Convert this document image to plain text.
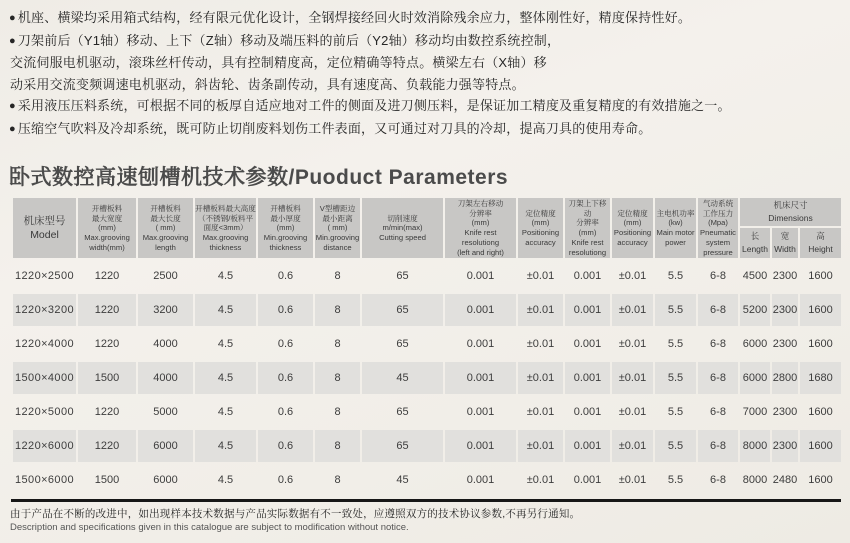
● 机座、横梁均采用箱式结构，经有限元优化设计，全钢焊接经回火时效消除残余应力，整体刚性好，精度保持性好。
● 刀架前后（Y1轴）移动、上下（Z轴）移动及端压料的前后（Y2轴）移动均由数控系统控制，
交流伺服电机驱动，滚珠丝杆传动，具有控制精度高，定位精确等特点。横梁左右（X轴）移
动采用交流变频调速电机驱动，斜齿轮、齿条副传动，具有速度高、负载能力强等特点。
● 采用液压压料系统，可根据不同的板厚自适应地对工件的侧面及进刀侧压料，是保证加工精度及重复精度的有效措施之一。
● 压缩空气吹料及冷却系统，既可防止切削废料划伤工件表面，又可通过对刀具的冷却，提高刀具的使用寿命。
卧式数控高速刨槽机技术参数/Puoduct Parameters
机床型号
Model	开槽板料
最大宽度
(mm)
Max.grooving
width(mm)	开槽板料
最大长度
( mm)
Max.grooving
length	开槽板料最大高度
（不锈钢/板料平
面度<3mm）
Max.grooving
thickness	开槽板料
最小厚度
(mm)
Min.grooving
thickness	V型槽距边
最小距离
( mm)
Min.grooving
distance	切削速度
m/min(max)
Cutting speed	刀架左右移动
分辨率
(mm)
Knife rest
resolutiong
(left and right)	定位精度
(mm)
Positioning
accuracy	刀架上下移动
分辨率
(mm)
Knife rest
resolutiong	定位精度
(mm)
Positioning
accuracy	主电机功率
(kw)
Main motor
power	气动系统
工作压力
(Mpa)
Pneumatic
system
pressure	机床尺寸
Dimensions
													长
Length	宽
Width	高
Height
1220×2500	1220	2500	4.5	0.6	8	65	0.001	±0.01	0.001	±0.01	5.5	6-8	4500	2300	1600
1220×3200	1220	3200	4.5	0.6	8	65	0.001	±0.01	0.001	±0.01	5.5	6-8	5200	2300	1600
1220×4000	1220	4000	4.5	0.6	8	65	0.001	±0.01	0.001	±0.01	5.5	6-8	6000	2300	1600
1500×4000	1500	4000	4.5	0.6	8	45	0.001	±0.01	0.001	±0.01	5.5	6-8	6000	2800	1680
1220×5000	1220	5000	4.5	0.6	8	65	0.001	±0.01	0.001	±0.01	5.5	6-8	7000	2300	1600
1220×6000	1220	6000	4.5	0.6	8	65	0.001	±0.01	0.001	±0.01	5.5	6-8	8000	2300	1600
1500×6000	1500	6000	4.5	0.6	8	45	0.001	±0.01	0.001	±0.01	5.5	6-8	8000	2480	1600
由于产品在不断的改进中，如出现样本技术数据与产品实际数据有不一致处，应遵照双方的技术协议参数,不再另行通知。
Description and specifications given in this catalogue are subject to modification without notice.
